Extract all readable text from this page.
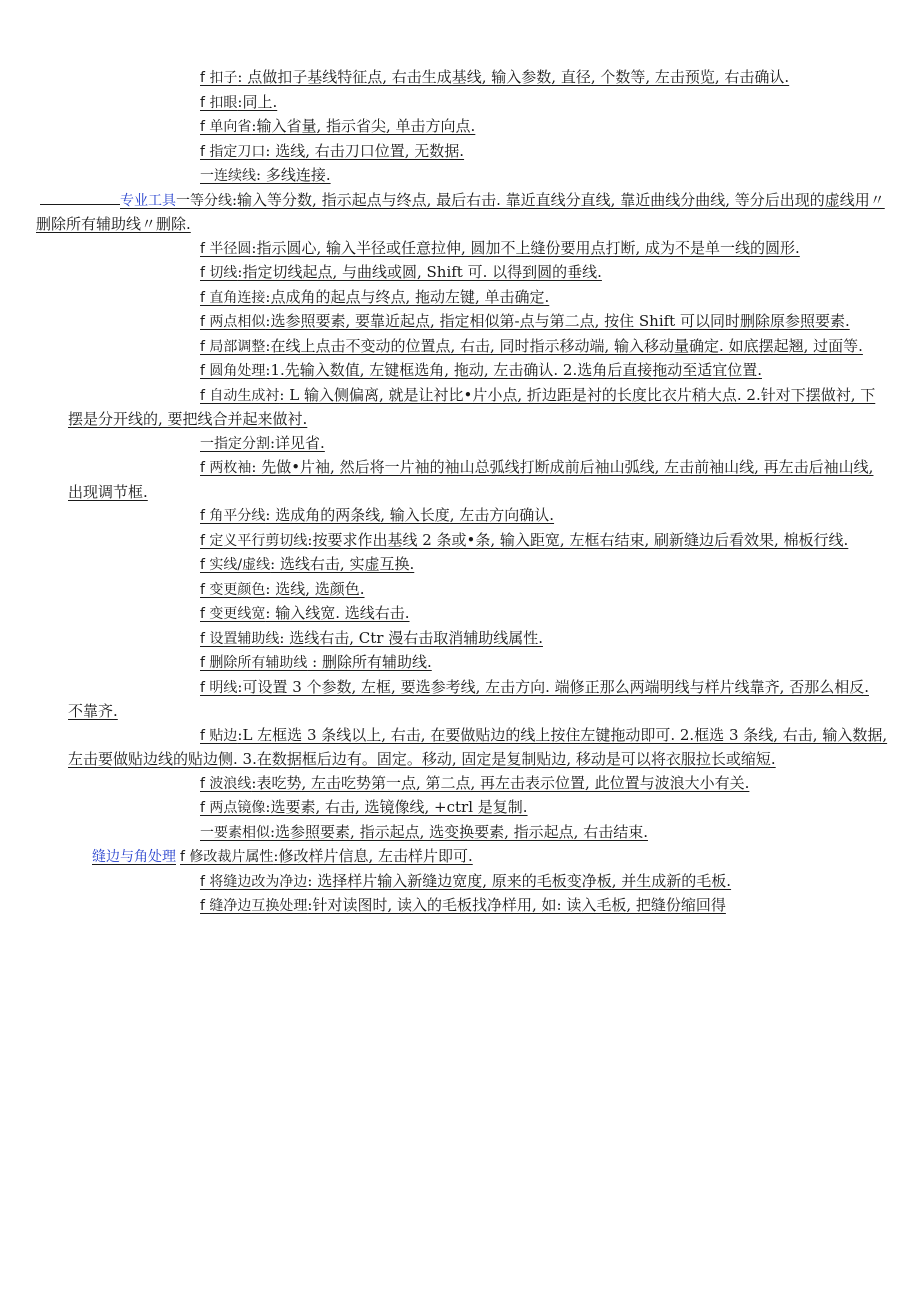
f 扣子: 点做扣子基线特征点, 右击生成基线, 输入参数, 直径, 个数等, 左击预览, 右击确认.
f 扣眼:同上.
f 单向省:输入省量, 指示省尖, 单击方向点.
f 指定刀口: 选线, 右击刀口位置, 无数据.
一连续线: 多线连接.
专业工具一等分线:输入等分数, 指示起点与终点, 最后右击. 靠近直线分直线, 靠近曲线分曲线, 等分后出现的虚线用〃删除所有辅助线〃删除.
f 半径圆:指示圆心, 输入半径或任意拉伸, 圆加不上缝份要用点打断, 成为不是单一线的圆形.
f 切线:指定切线起点, 与曲线或圆, Shift 可. 以得到圆的垂线.
f 直角连接:点成角的起点与终点, 拖动左键, 单击确定.
f 两点相似:选参照要素, 要靠近起点, 指定相似第-点与第二点, 按住 Shift 可以同时删除原参照要素.
f 局部调整:在线上点击不变动的位置点, 右击, 同时指示移动端, 输入移动量确定. 如底摆起翘, 过面等.
f 圆角处理:1.先输入数值, 左键框选角, 拖动, 左击确认. 2.选角后直接拖动至适宜位置.
f 自动生成衬: L 输入侧偏离, 就是让衬比•片小点, 折边距是衬的长度比衣片稍大点. 2.针对下摆做衬, 下摆是分开线的, 要把线合并起来做衬.
一指定分割:详见省.
f 两枚袖: 先做•片袖, 然后将一片袖的袖山总弧线打断成前后袖山弧线, 左击前袖山线, 再左击后袖山线, 出现调节框.
f 角平分线: 选成角的两条线, 输入长度, 左击方向确认.
f 定义平行剪切线:按要求作出基线 2 条或•条, 输入距宽, 左框右结束, 刷新缝边后看效果, 棉板行线.
f 实线/虚线: 选线右击, 实虚互换.
f 变更颜色: 选线, 选颜色.
f 变更线宽: 输入线宽. 选线右击.
f 设置辅助线: 选线右击, Ctr 漫右击取消辅助线属性.
f 删除所有辅助线 : 删除所有辅助线.
f 明线:可设置 3 个参数, 左框, 要选参考线, 左击方向. 端修正那么两端明线与样片线靠齐, 否那么相反. 不靠齐.
f 贴边:L 左框选 3 条线以上, 右击, 在要做贴边的线上按住左键拖动即可. 2.框选 3 条线, 右击, 输入数据, 左击要做贴边线的贴边侧. 3.在数据框后边有。固定。移动, 固定是复制贴边, 移动是可以将衣服拉长或缩短.
f 波浪线:表吃势, 左击吃势第一点, 第二点, 再左击表示位置, 此位置与波浪大小有关.
f 两点镜像:选要素, 右击, 选镜像线, +ctrl 是复制.
一要素相似:选参照要素, 指示起点, 选变换要素, 指示起点, 右击结束.
缝边与角处理 f 修改裁片属性:修改样片信息, 左击样片即可.
f 将缝边改为净边: 选择样片输入新缝边宽度, 原来的毛板变净板, 并生成新的毛板.
f 缝净边互换处理:针对读图时, 读入的毛板找净样用, 如: 读入毛板, 把缝份缩回得
